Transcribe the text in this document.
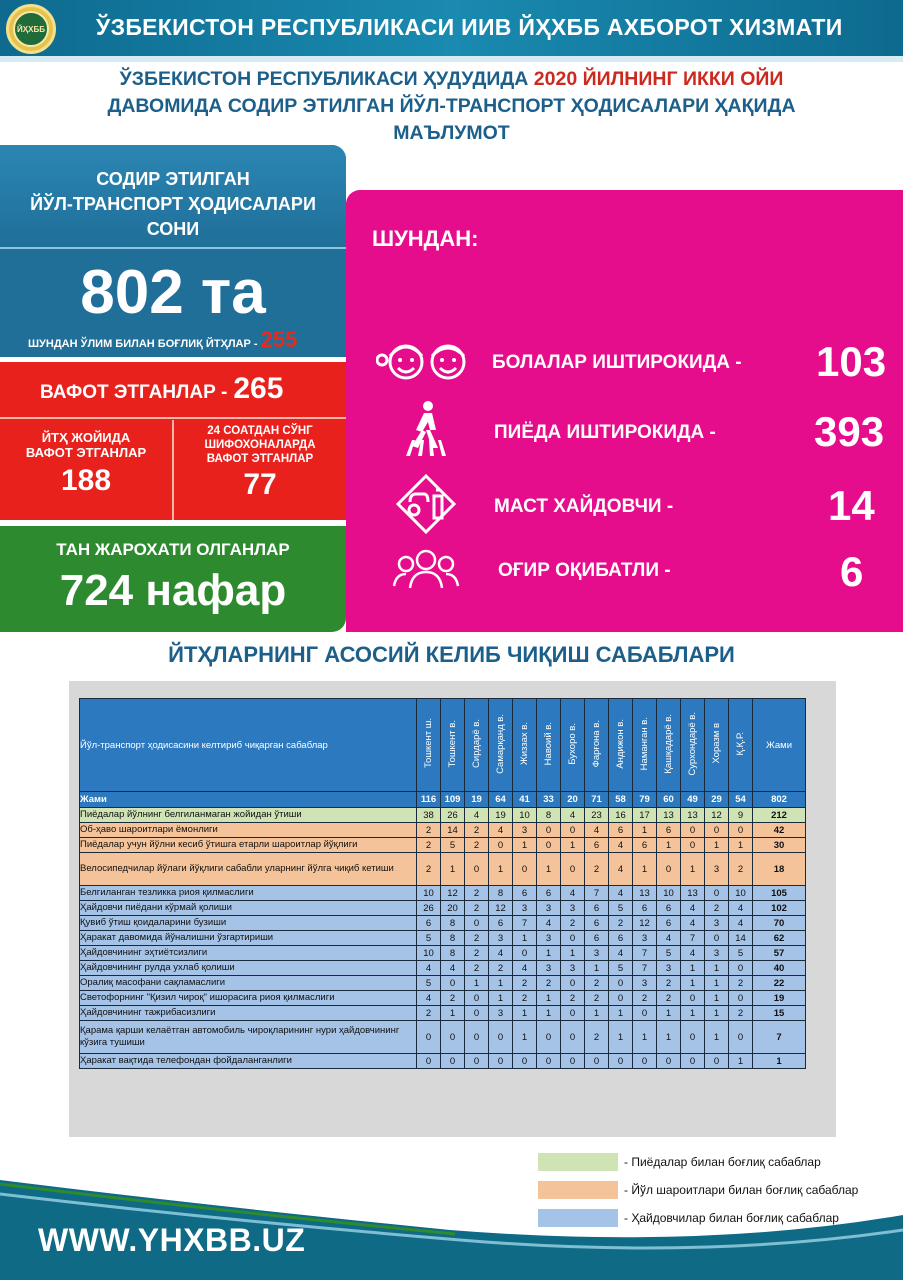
ЙҲХББ ЎЗБЕКИСТОН РЕСПУБЛИКАСИ ИИВ ЙҲХББ АХБОРОТ ХИЗМАТИ
ЎЗБЕКИСТОН РЕСПУБЛИКАСИ ҲУДУДИДА 2020 ЙИЛНИНГ ИККИ ОЙИ
ДАВОМИДА СОДИР ЭТИЛГАН ЙЎЛ-ТРАНСПОРТ ҲОДИСАЛАРИ ҲАҚИДА
МАЪЛУМОТ
СОДИР ЭТИЛГАН
ЙЎЛ-ТРАНСПОРТ ҲОДИСАЛАРИ
СОНИ
802 та
ШУНДАН ЎЛИМ БИЛАН БОҒЛИҚ ЙТҲЛАР - 255
ВАФОТ ЭТГАНЛАР - 265
ЙТҲ ЖОЙИДА
ВАФОТ ЭТГАНЛАР
188
24 СОАТДАН СЎНГ
ШИФОХОНАЛАРДА
ВАФОТ ЭТГАНЛАР
77
ТАН ЖАРОХАТИ ОЛГАНЛАР
724 нафар
ШУНДАН:
БОЛАЛАР ИШТИРОКИДА - 103
ПИЁДА ИШТИРОКИДА - 393
МАСТ ХАЙДОВЧИ -	14
ОҒИР ОҚИБАТЛИ -	6
ЙТҲЛАРНИНГ АСОСИЙ КЕЛИБ ЧИҚИШ САБАБЛАРИ
Йўл-транспорт ҳодисасини келтириб чиқарган сабаблар	Тошкент ш.	Тошкент в.	Сирдарё в.	Самарқанд в.	Жиззах в.	Навоий в.	Бухоро в.	Фарғона в.	Андижон в.	Наманган в.	Қашқадарё в.	Сурхондарё в.	Хоразм в	Қ.Қ.Р.	Жами
Жами	116	109	19	64	41	33	20	71	58	79	60	49	29	54	802
Пиёдалар йўлнинг белгиланмаган жойидан ўтиши	38	26	4	19	10	8	4	23	16	17	13	13	12	9	212
Об-ҳаво шароитлари ёмонлиги	2	14	2	4	3	0	0	4	6	1	6	0	0	0	42
Пиёдалар учун йўлни кесиб ўтишга етарли шароитлар йўқлиги	2	5	2	0	1	0	1	6	4	6	1	0	1	1	30
Велосипедчилар йўлаги йўқлиги сабабли уларнинг йўлга чиқиб кетиши	2	1	0	1	0	1	0	2	4	1	0	1	3	2	18
Белгиланган тезликка риоя қилмаслиги	10	12	2	8	6	6	4	7	4	13	10	13	0	10	105
Ҳайдовчи пиёдани кўрмай қолиши	26	20	2	12	3	3	3	6	5	6	6	4	2	4	102
Қувиб ўтиш қоидаларини бузиши	6	8	0	6	7	4	2	6	2	12	6	4	3	4	70
Ҳаракат давомида йўналишни ўзгартириши	5	8	2	3	1	3	0	6	6	3	4	7	0	14	62
Ҳайдовчининг эҳтиётсизлиги	10	8	2	4	0	1	1	3	4	7	5	4	3	5	57
Ҳайдовчининг рулда ухлаб қолиши	4	4	2	2	4	3	3	1	5	7	3	1	1	0	40
Оралиқ масофани сақламаслиги	5	0	1	1	2	2	0	2	0	3	2	1	1	2	22
Светофорнинг "Қизил чироқ" ишорасига риоя қилмаслиги	4	2	0	1	2	1	2	2	0	2	2	0	1	0	19
Ҳайдовчининг тажрибасизлиги	2	1	0	3	1	1	0	1	1	0	1	1	1	2	15
Қарама қарши келаётган автомобиль чироқларининг нури ҳайдовчининг кўзига тушиши	0	0	0	0	1	0	0	2	1	1	1	0	1	0	7
Ҳаракат вақтида телефондан фойдаланганлиги	0	0	0	0	0	0	0	0	0	0	0	0	0	1	1
- Пиёдалар билан боғлиқ сабаблар
- Йўл шароитлари билан боғлиқ сабаблар
- Ҳайдовчилар билан боғлиқ сабаблар
WWW.YHXBB.UZ
